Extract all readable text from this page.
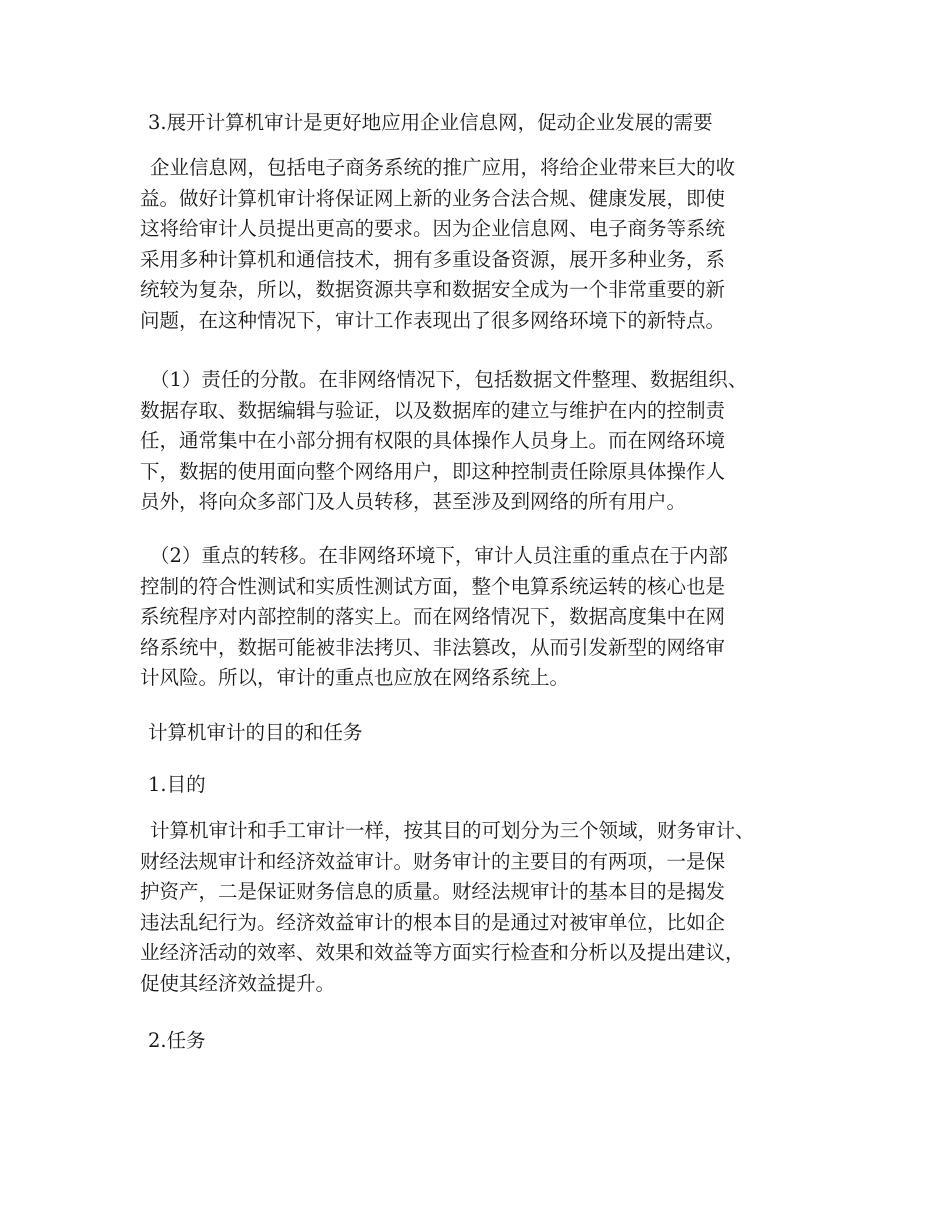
3.展开计算机审计是更好地应用企业信息网，促动企业发展的需要

企业信息网，包括电子商务系统的推广应用，将给企业带来巨大的收
益。做好计算机审计将保证网上新的业务合法合规、健康发展，即使
这将给审计人员提出更高的要求。因为企业信息网、电子商务等系统
采用多种计算机和通信技术，拥有多重设备资源，展开多种业务，系
统较为复杂，所以，数据资源共享和数据安全成为一个非常重要的新
问题，在这种情况下，审计工作表现出了很多网络环境下的新特点。
（1）责任的分散。在非网络情况下，包括数据文件整理、数据组织、
数据存取、数据编辑与验证，以及数据库的建立与维护在内的控制责
任，通常集中在小部分拥有权限的具体操作人员身上。而在网络环境
下，数据的使用面向整个网络用户，即这种控制责任除原具体操作人
员外，将向众多部门及人员转移，甚至涉及到网络的所有用户。
（2）重点的转移。在非网络环境下，审计人员注重的重点在于内部
控制的符合性测试和实质性测试方面，整个电算系统运转的核心也是
系统程序对内部控制的落实上。而在网络情况下，数据高度集中在网
络系统中，数据可能被非法拷贝、非法篡改，从而引发新型的网络审
计风险。所以，审计的重点也应放在网络系统上。

计算机审计的目的和任务

1.目的

计算机审计和手工审计一样，按其目的可划分为三个领域，财务审计、
财经法规审计和经济效益审计。财务审计的主要目的有两项，一是保
护资产，二是保证财务信息的质量。财经法规审计的基本目的是揭发
违法乱纪行为。经济效益审计的根本目的是通过对被审单位，比如企
业经济活动的效率、效果和效益等方面实行检查和分析以及提出建议，
促使其经济效益提升。

2.任务
